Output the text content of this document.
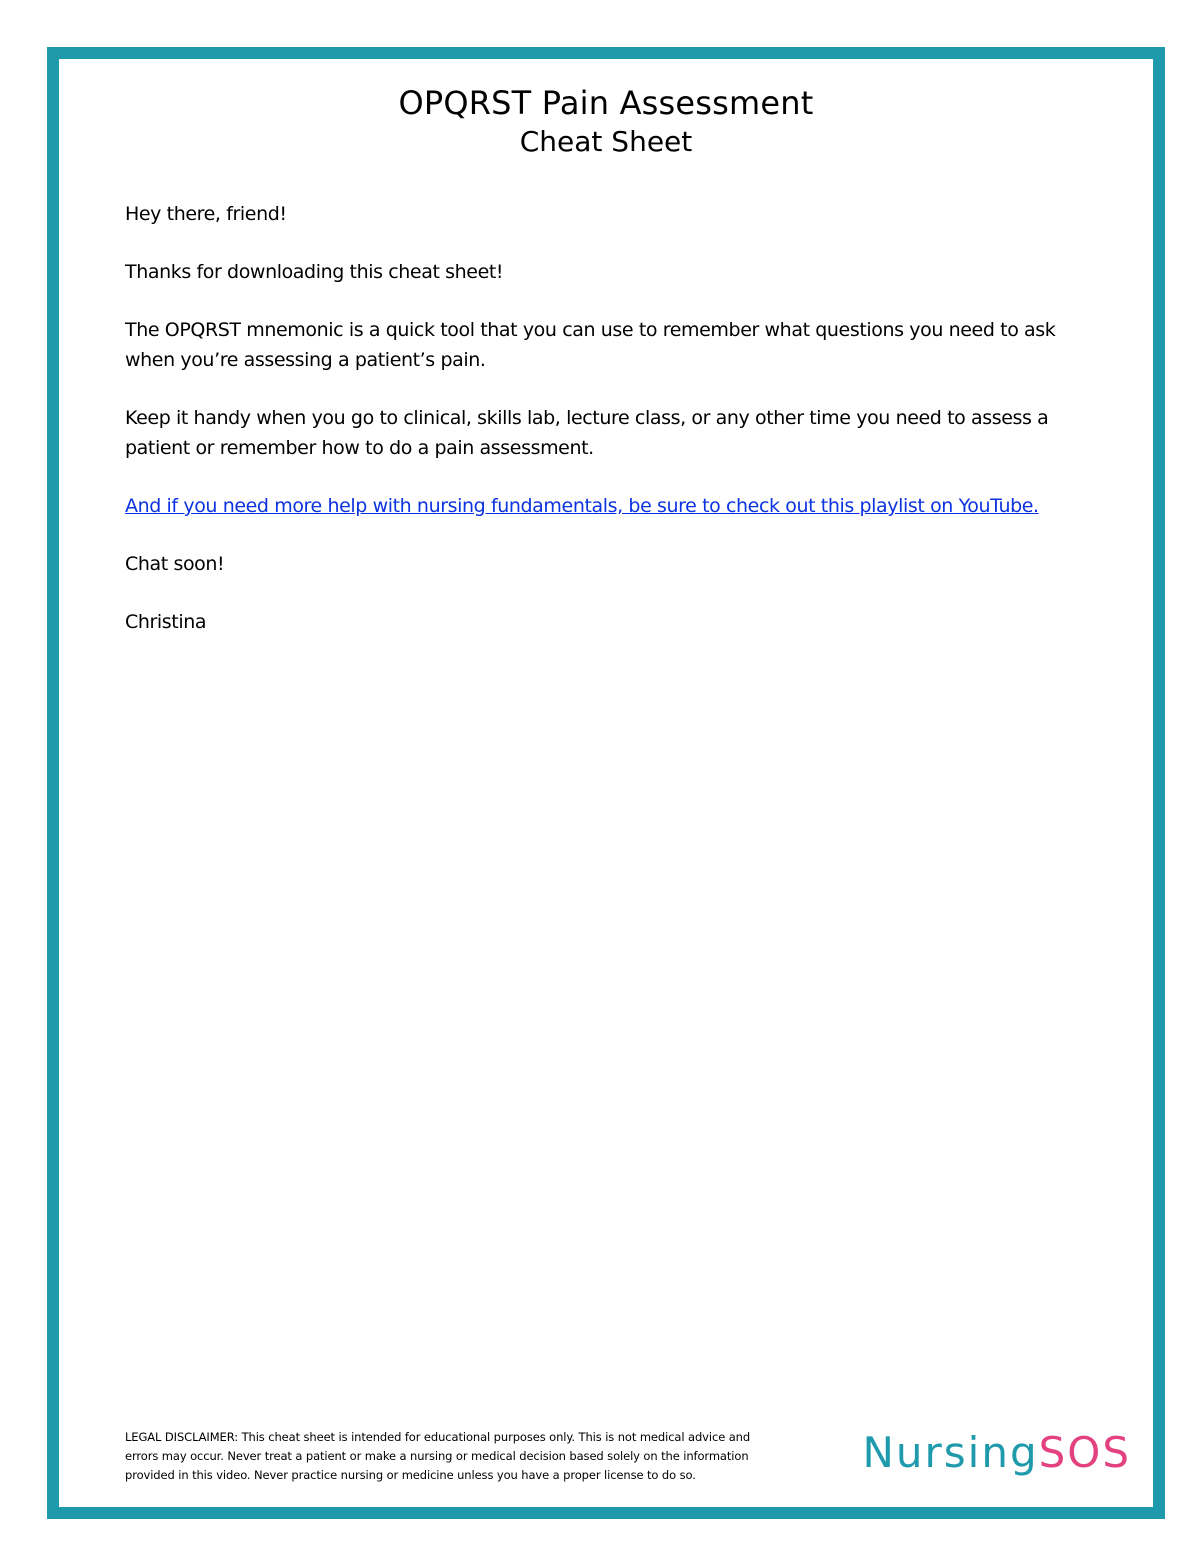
OPQRST Pain Assessment
Cheat Sheet

Hey there, friend!

Thanks for downloading this cheat sheet!

The OPQRST mnemonic is a quick tool that you can use to remember what questions you need to ask when you’re assessing a patient’s pain.

Keep it handy when you go to clinical, skills lab, lecture class, or any other time you need to assess a patient or remember how to do a pain assessment.

And if you need more help with nursing fundamentals, be sure to check out this playlist on YouTube.

Chat soon!

Christina

LEGAL DISCLAIMER: This cheat sheet is intended for educational purposes only. This is not medical advice and errors may occur. Never treat a patient or make a nursing or medical decision based solely on the information provided in this video. Never practice nursing or medicine unless you have a proper license to do so.	NursingSOS
